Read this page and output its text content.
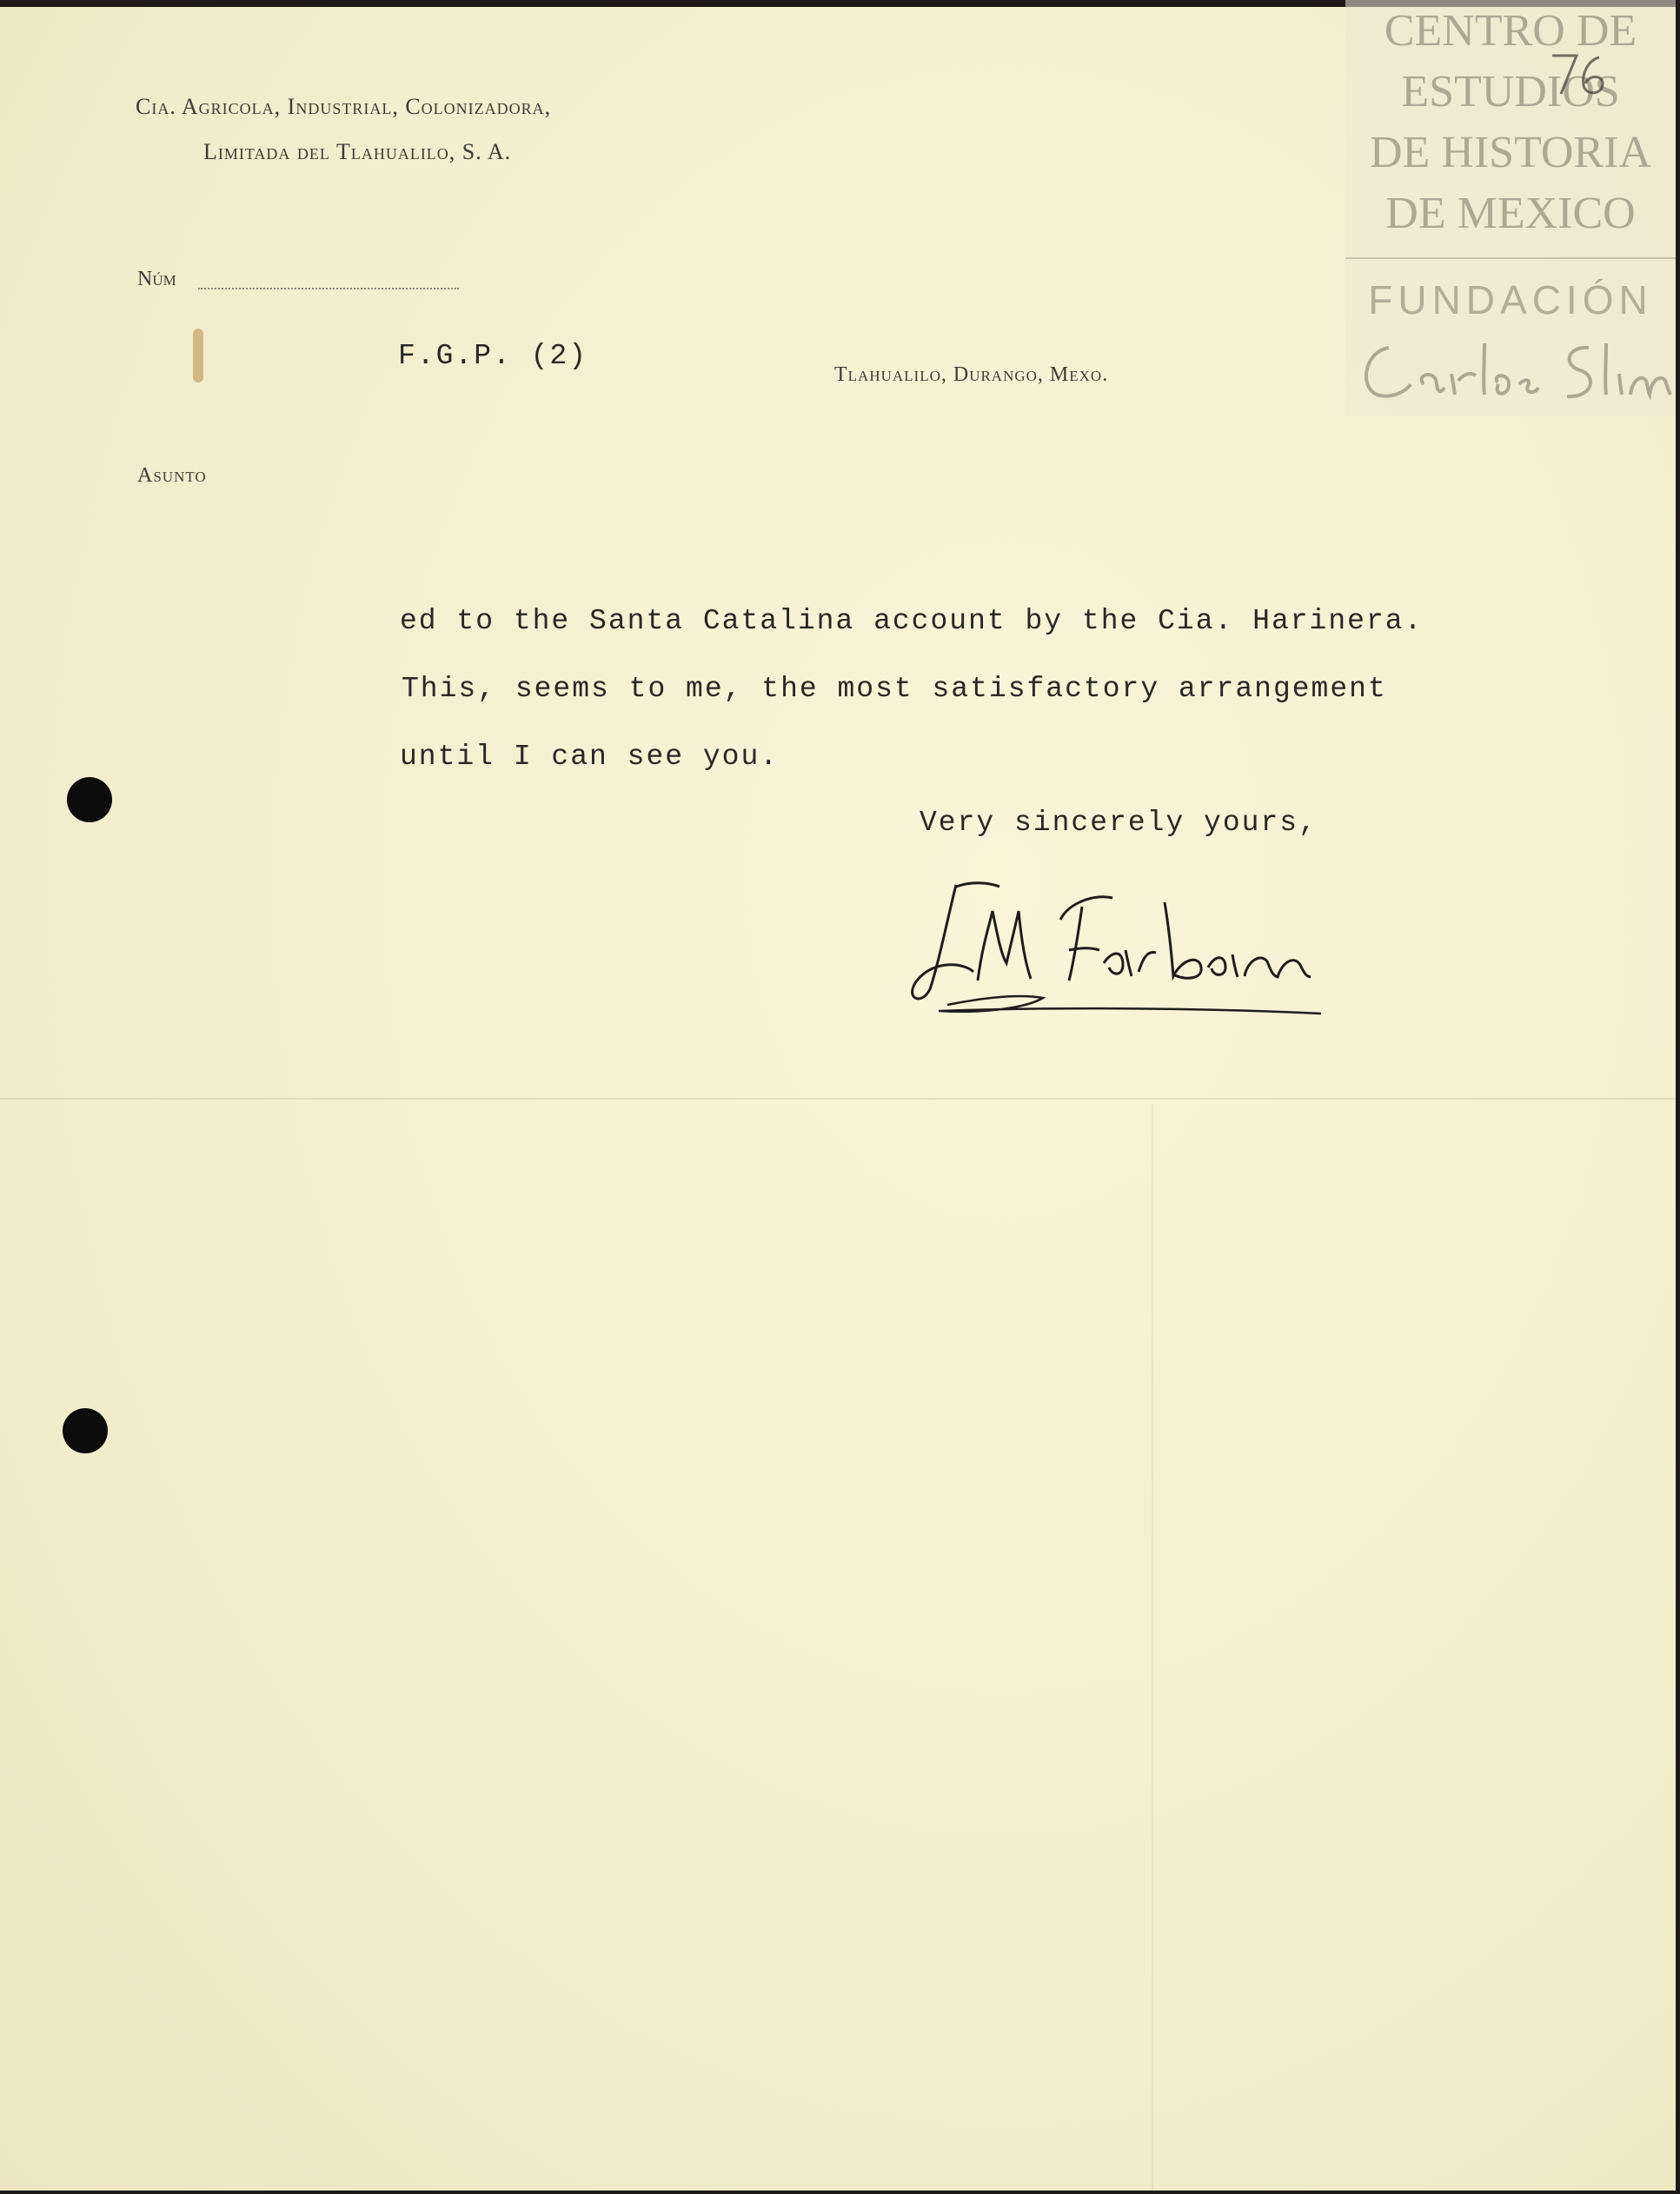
Cia. Agricola, Industrial, Colonizadora,
Limitada del Tlahualilo, S. A.
Núm
F.G.P. (2)
Tlahualilo, Durango, Mexo.
Asunto
ed to the Santa Catalina account by the Cia. Harinera.
This, seems to me, the most satisfactory arrangement
until I can see you.
Very sincerely yours,
CENTRO DE
ESTUDIOS
DE HISTORIA
DE MEXICO
FUNDACIÓN
